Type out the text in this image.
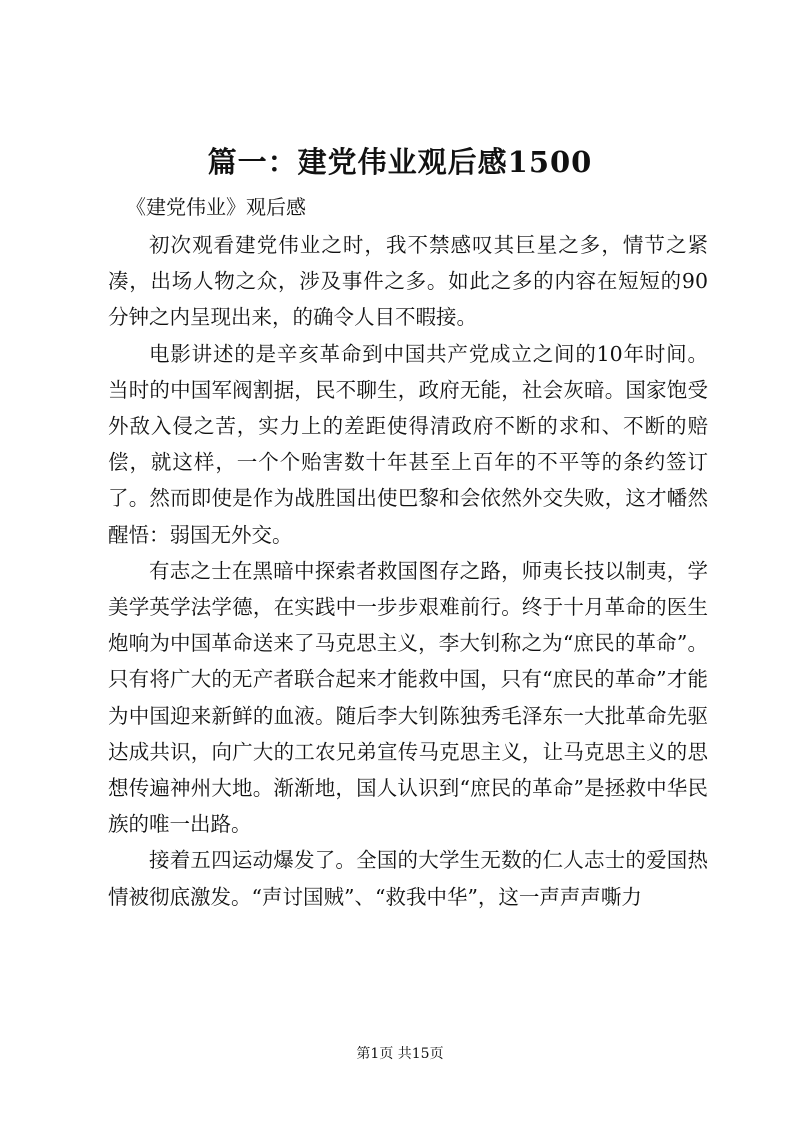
篇一：建党伟业观后感1500
《建党伟业》观后感

初次观看建党伟业之时，我不禁感叹其巨星之多，情节之紧凑，出场人物之众，涉及事件之多。如此之多的内容在短短的90分钟之内呈现出来，的确令人目不暇接。

电影讲述的是辛亥革命到中国共产党成立之间的10年时间。当时的中国军阀割据，民不聊生，政府无能，社会灰暗。国家饱受外敌入侵之苦，实力上的差距使得清政府不断的求和、不断的赔偿，就这样，一个个贻害数十年甚至上百年的不平等的条约签订了。然而即使是作为战胜国出使巴黎和会依然外交失败，这才幡然醒悟：弱国无外交。

有志之士在黑暗中探索者救国图存之路，师夷长技以制夷，学美学英学法学德，在实践中一步步艰难前行。终于十月革命的医生炮响为中国革命送来了马克思主义，李大钊称之为“庶民的革命”。只有将广大的无产者联合起来才能救中国，只有“庶民的革命”才能为中国迎来新鲜的血液。随后李大钊陈独秀毛泽东一大批革命先驱达成共识，向广大的工农兄弟宣传马克思主义，让马克思主义的思想传遍神州大地。渐渐地，国人认识到“庶民的革命”是拯救中华民族的唯一出路。

接着五四运动爆发了。全国的大学生无数的仁人志士的爱国热情被彻底激发。“声讨国贼”、“救我中华”，这一声声声嘶力

第1页 共15页
